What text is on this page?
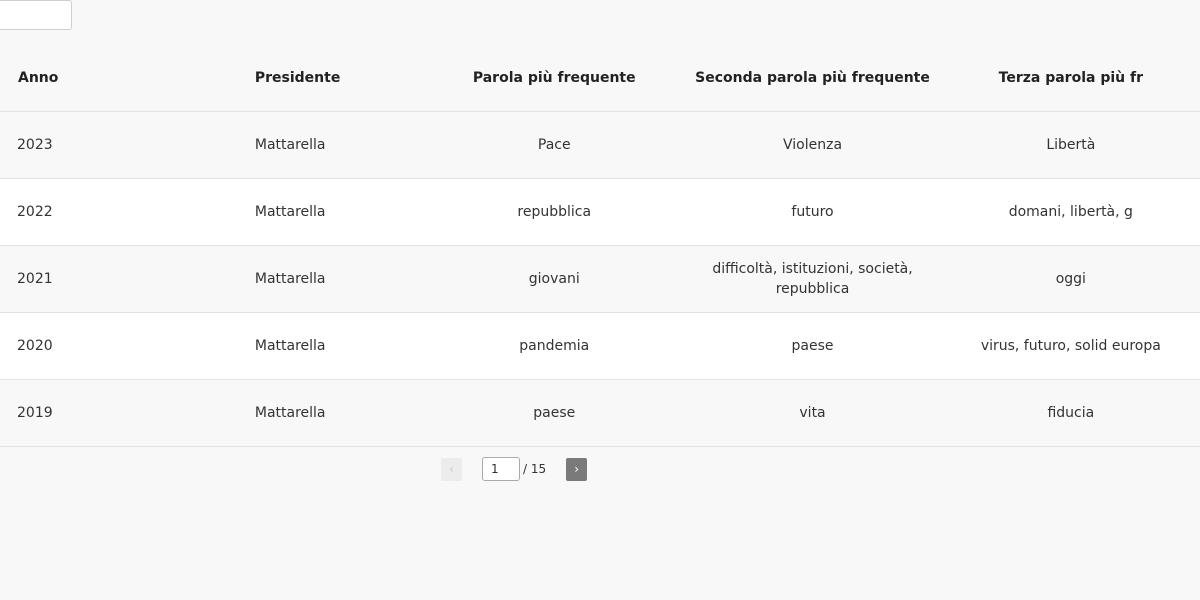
Anno	Presidente	Parola più frequente	Seconda parola più frequente	Terza parola più fr
2023	Mattarella	Pace	Violenza	Libertà
2022	Mattarella	repubblica	futuro	domani, libertà, g
2021	Mattarella	giovani	difficoltà, istituzioni, società, repubblica	oggi
2020	Mattarella	pandemia	paese	virus, futuro, solid europa
2019	Mattarella	paese	vita	fiducia
‹
1	/ 15	›
